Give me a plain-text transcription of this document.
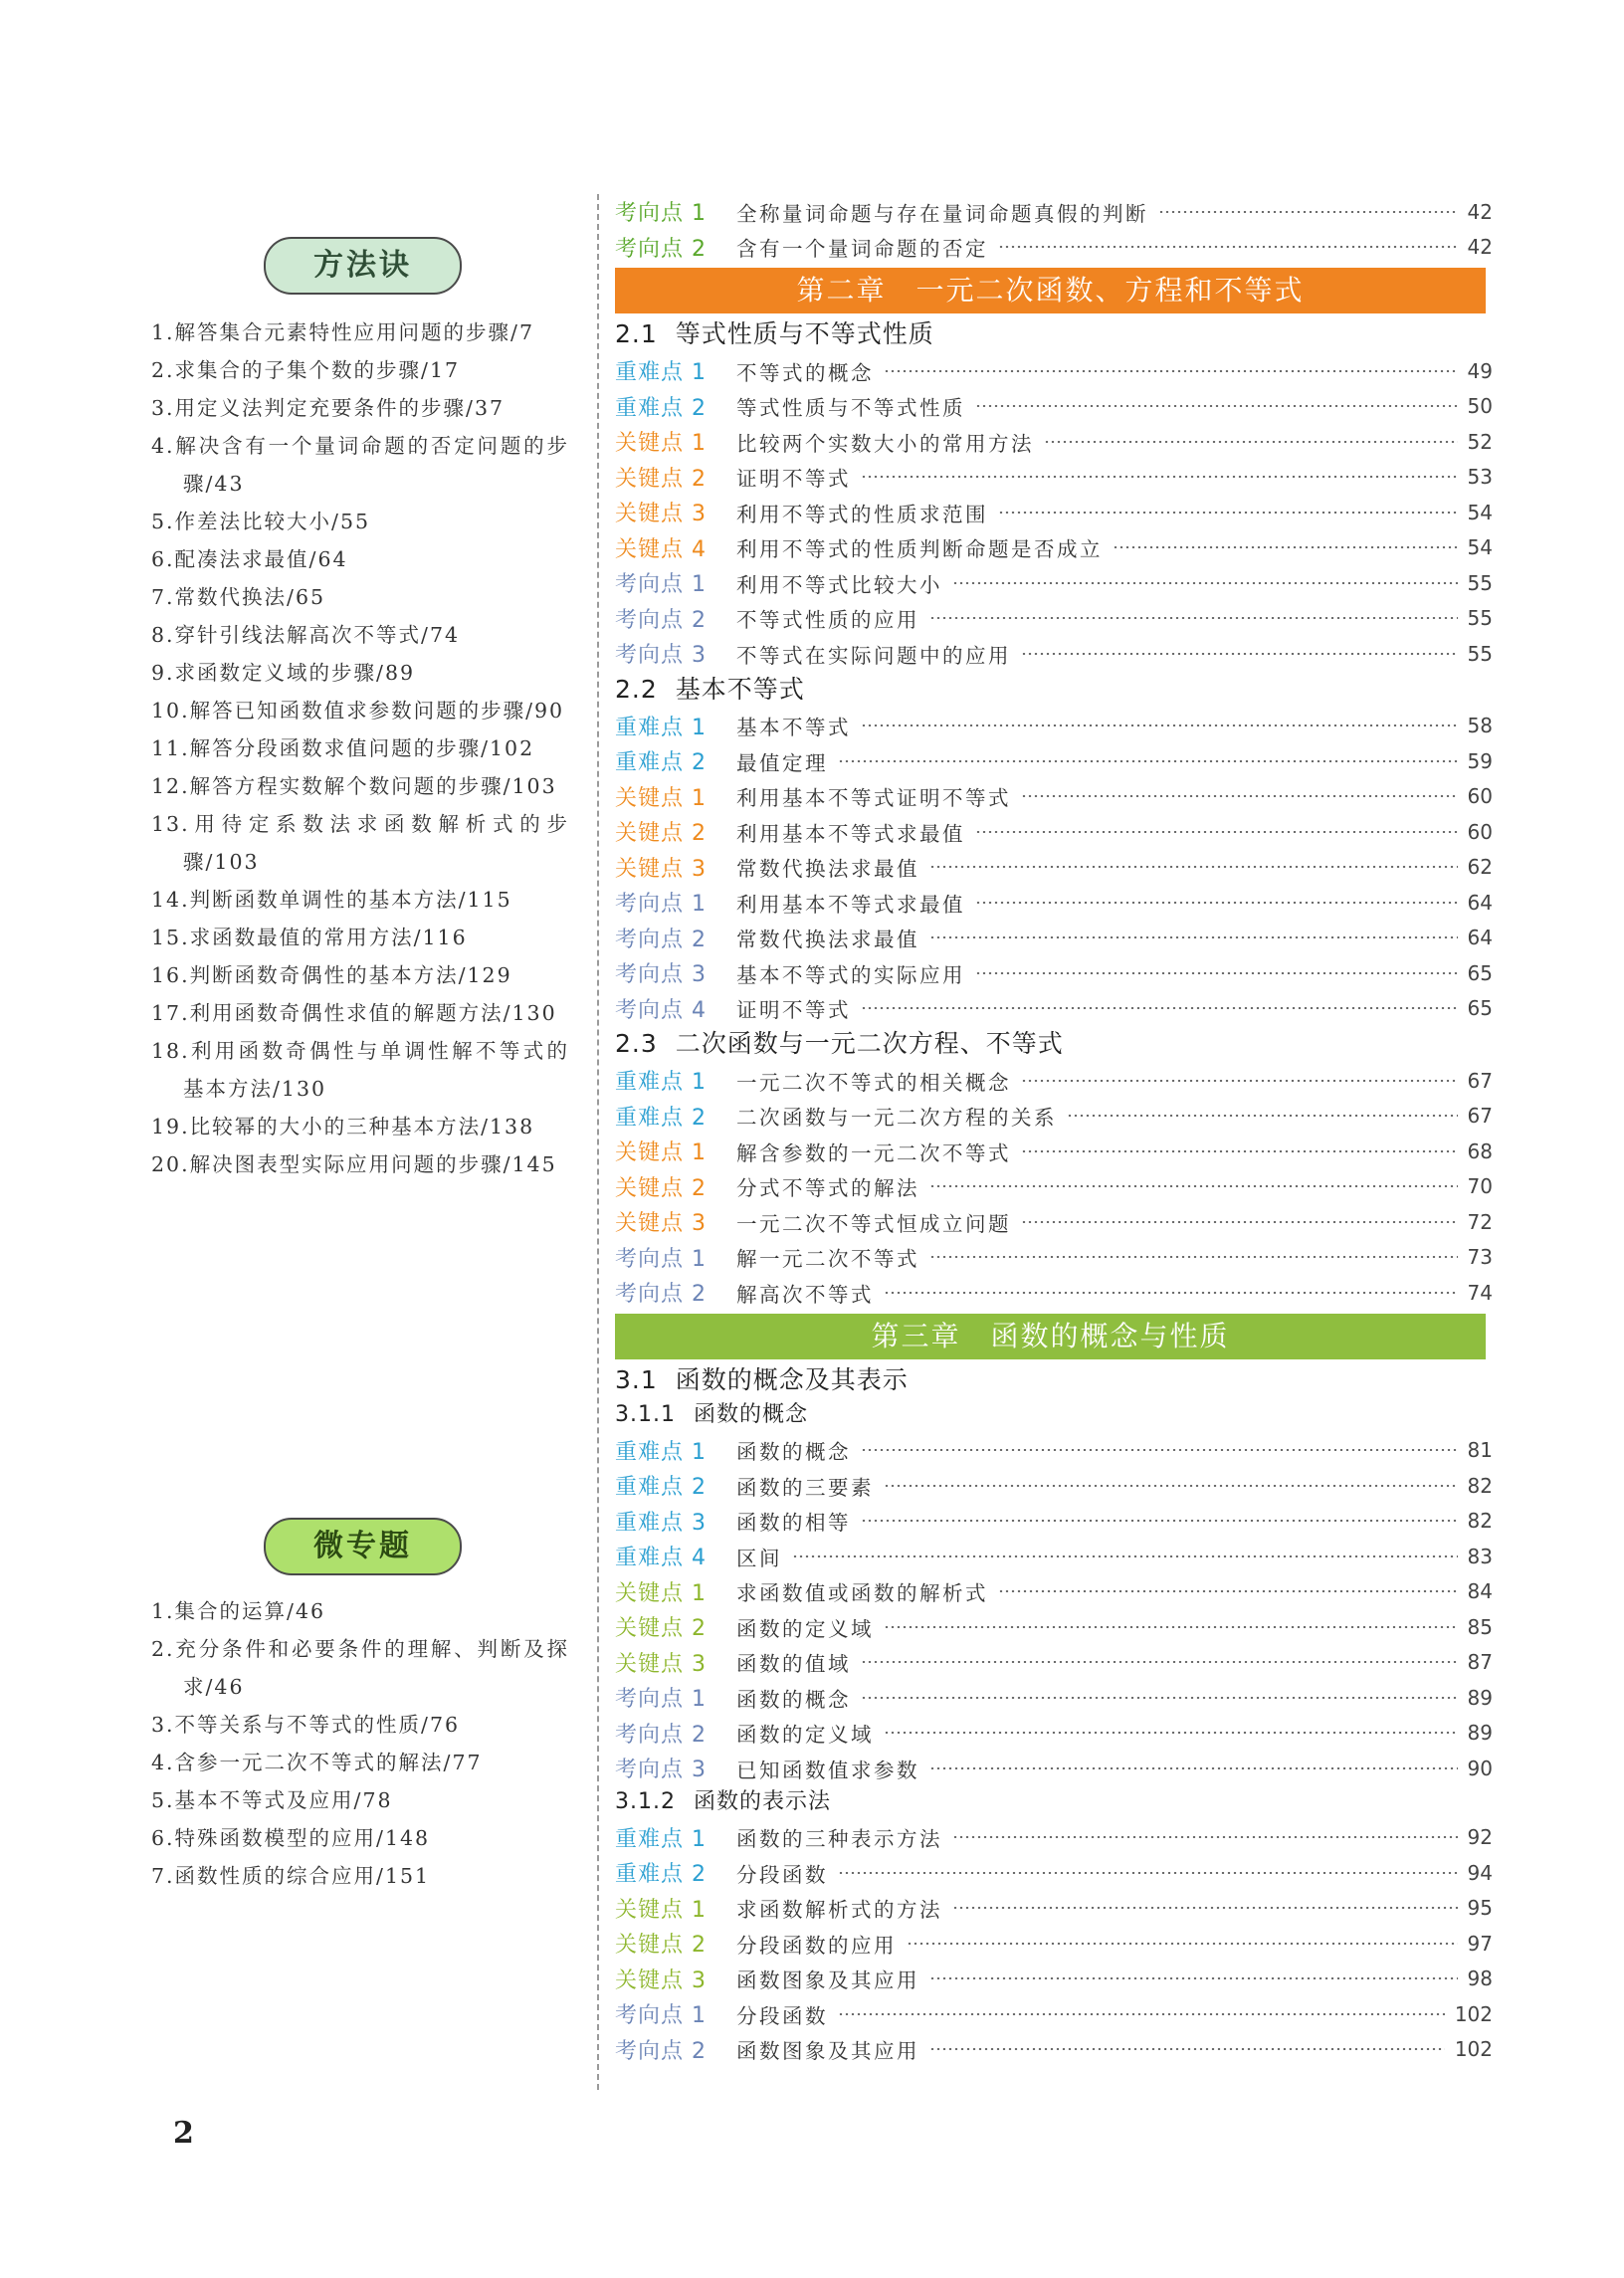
方法诀
1.解答集合元素特性应用问题的步骤/7
2.求集合的子集个数的步骤/17
3.用定义法判定充要条件的步骤/37
4.解决含有一个量词命题的否定问题的步骤/43
5.作差法比较大小/55
6.配凑法求最值/64
7.常数代换法/65
8.穿针引线法解高次不等式/74
9.求函数定义域的步骤/89
10.解答已知函数值求参数问题的步骤/90
11.解答分段函数求值问题的步骤/102
12.解答方程实数解个数问题的步骤/103
13.用待定系数法求函数解析式的步骤/103
14.判断函数单调性的基本方法/115
15.求函数最值的常用方法/116
16.判断函数奇偶性的基本方法/129
17.利用函数奇偶性求值的解题方法/130
18.利用函数奇偶性与单调性解不等式的基本方法/130
19.比较幂的大小的三种基本方法/138
20.解决图表型实际应用问题的步骤/145
微专题
1.集合的运算/46
2.充分条件和必要条件的理解、判断及探求/46
3.不等关系与不等式的性质/76
4.含参一元二次不等式的解法/77
5.基本不等式及应用/78
6.特殊函数模型的应用/148
7.函数性质的综合应用/151
2
考向点 1	全称量词命题与存在量词命题真假的判断	42
考向点 2	含有一个量词命题的否定	42
第二章　一元二次函数、方程和不等式
2.1 等式性质与不等式性质
重难点 1	不等式的概念	49
重难点 2	等式性质与不等式性质	50
关键点 1	比较两个实数大小的常用方法	52
关键点 2	证明不等式	53
关键点 3	利用不等式的性质求范围	54
关键点 4	利用不等式的性质判断命题是否成立	54
考向点 1	利用不等式比较大小	55
考向点 2	不等式性质的应用	55
考向点 3	不等式在实际问题中的应用	55
2.2 基本不等式
重难点 1	基本不等式	58
重难点 2	最值定理	59
关键点 1	利用基本不等式证明不等式	60
关键点 2	利用基本不等式求最值	60
关键点 3	常数代换法求最值	62
考向点 1	利用基本不等式求最值	64
考向点 2	常数代换法求最值	64
考向点 3	基本不等式的实际应用	65
考向点 4	证明不等式	65
2.3 二次函数与一元二次方程、不等式
重难点 1	一元二次不等式的相关概念	67
重难点 2	二次函数与一元二次方程的关系	67
关键点 1	解含参数的一元二次不等式	68
关键点 2	分式不等式的解法	70
关键点 3	一元二次不等式恒成立问题	72
考向点 1	解一元二次不等式	73
考向点 2	解高次不等式	74
第三章　函数的概念与性质
3.1 函数的概念及其表示
3.1.1 函数的概念
重难点 1	函数的概念	81
重难点 2	函数的三要素	82
重难点 3	函数的相等	82
重难点 4	区间	83
关键点 1	求函数值或函数的解析式	84
关键点 2	函数的定义域	85
关键点 3	函数的值域	87
考向点 1	函数的概念	89
考向点 2	函数的定义域	89
考向点 3	已知函数值求参数	90
3.1.2 函数的表示法
重难点 1	函数的三种表示方法	92
重难点 2	分段函数	94
关键点 1	求函数解析式的方法	95
关键点 2	分段函数的应用	97
关键点 3	函数图象及其应用	98
考向点 1	分段函数	102
考向点 2	函数图象及其应用	102
